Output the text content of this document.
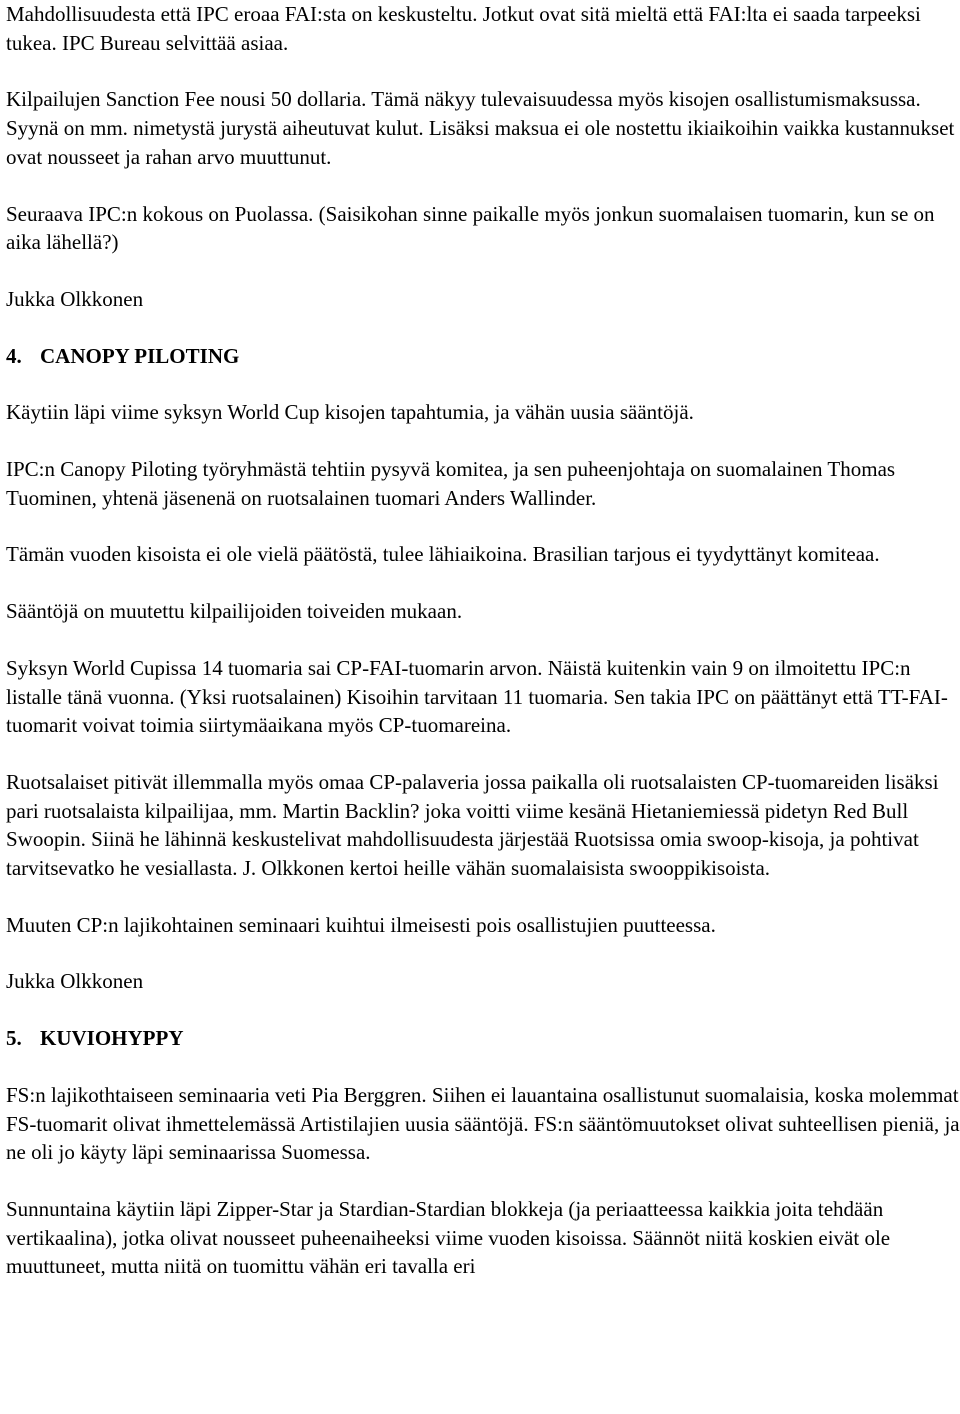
Mahdollisuudesta että IPC eroaa FAI:sta on keskusteltu. Jotkut ovat sitä mieltä että FAI:lta ei saada tarpeeksi tukea. IPC Bureau selvittää asiaa.

Kilpailujen Sanction Fee nousi 50 dollaria. Tämä näkyy tulevaisuudessa myös kisojen osallistumismaksussa. Syynä on mm. nimetystä jurystä aiheutuvat kulut. Lisäksi maksua ei ole nostettu ikiaikoihin vaikka kustannukset ovat nousseet ja rahan arvo muuttunut.

Seuraava IPC:n kokous on Puolassa. (Saisikohan sinne paikalle myös jonkun suomalaisen tuomarin, kun se on aika lähellä?)

Jukka Olkkonen

4. CANOPY PILOTING

Käytiin läpi viime syksyn World Cup kisojen tapahtumia, ja vähän uusia sääntöjä.

IPC:n Canopy Piloting työryhmästä tehtiin pysyvä komitea, ja sen puheenjohtaja on suomalainen Thomas Tuominen, yhtenä jäsenenä on ruotsalainen tuomari Anders Wallinder.

Tämän vuoden kisoista ei ole vielä päätöstä, tulee lähiaikoina. Brasilian tarjous ei tyydyttänyt komiteaa.

Sääntöjä on muutettu kilpailijoiden toiveiden mukaan.

Syksyn World Cupissa 14 tuomaria sai CP-FAI-tuomarin arvon. Näistä kuitenkin vain 9 on ilmoitettu IPC:n listalle tänä vuonna. (Yksi ruotsalainen) Kisoihin tarvitaan 11 tuomaria. Sen takia IPC on päättänyt että TT-FAI-tuomarit voivat toimia siirtymäaikana myös CP-tuomareina.

Ruotsalaiset pitivät illemmalla myös omaa CP-palaveria jossa paikalla oli ruotsalaisten CP-tuomareiden lisäksi pari ruotsalaista kilpailijaa, mm. Martin Backlin? joka voitti viime kesänä Hietaniemiessä pidetyn Red Bull Swoopin. Siinä he lähinnä keskustelivat mahdollisuudesta järjestää Ruotsissa omia swoop-kisoja, ja pohtivat tarvitsevatko he vesiallasta. J. Olkkonen kertoi heille vähän suomalaisista swooppikisoista.

Muuten CP:n lajikohtainen seminaari kuihtui ilmeisesti pois osallistujien puutteessa.

Jukka Olkkonen

5. KUVIOHYPPY

FS:n lajikothtaiseen seminaaria veti Pia Berggren. Siihen ei lauantaina osallistunut suomalaisia, koska molemmat FS-tuomarit olivat ihmettelemässä Artistilajien uusia sääntöjä. FS:n sääntömuutokset olivat suhteellisen pieniä, ja ne oli jo käyty läpi seminaarissa Suomessa.

Sunnuntaina käytiin läpi Zipper-Star ja Stardian-Stardian blokkeja (ja periaatteessa kaikkia joita tehdään vertikaalina), jotka olivat nousseet puheenaiheeksi viime vuoden kisoissa. Säännöt niitä koskien eivät ole muuttuneet, mutta niitä on tuomittu vähän eri tavalla eri
